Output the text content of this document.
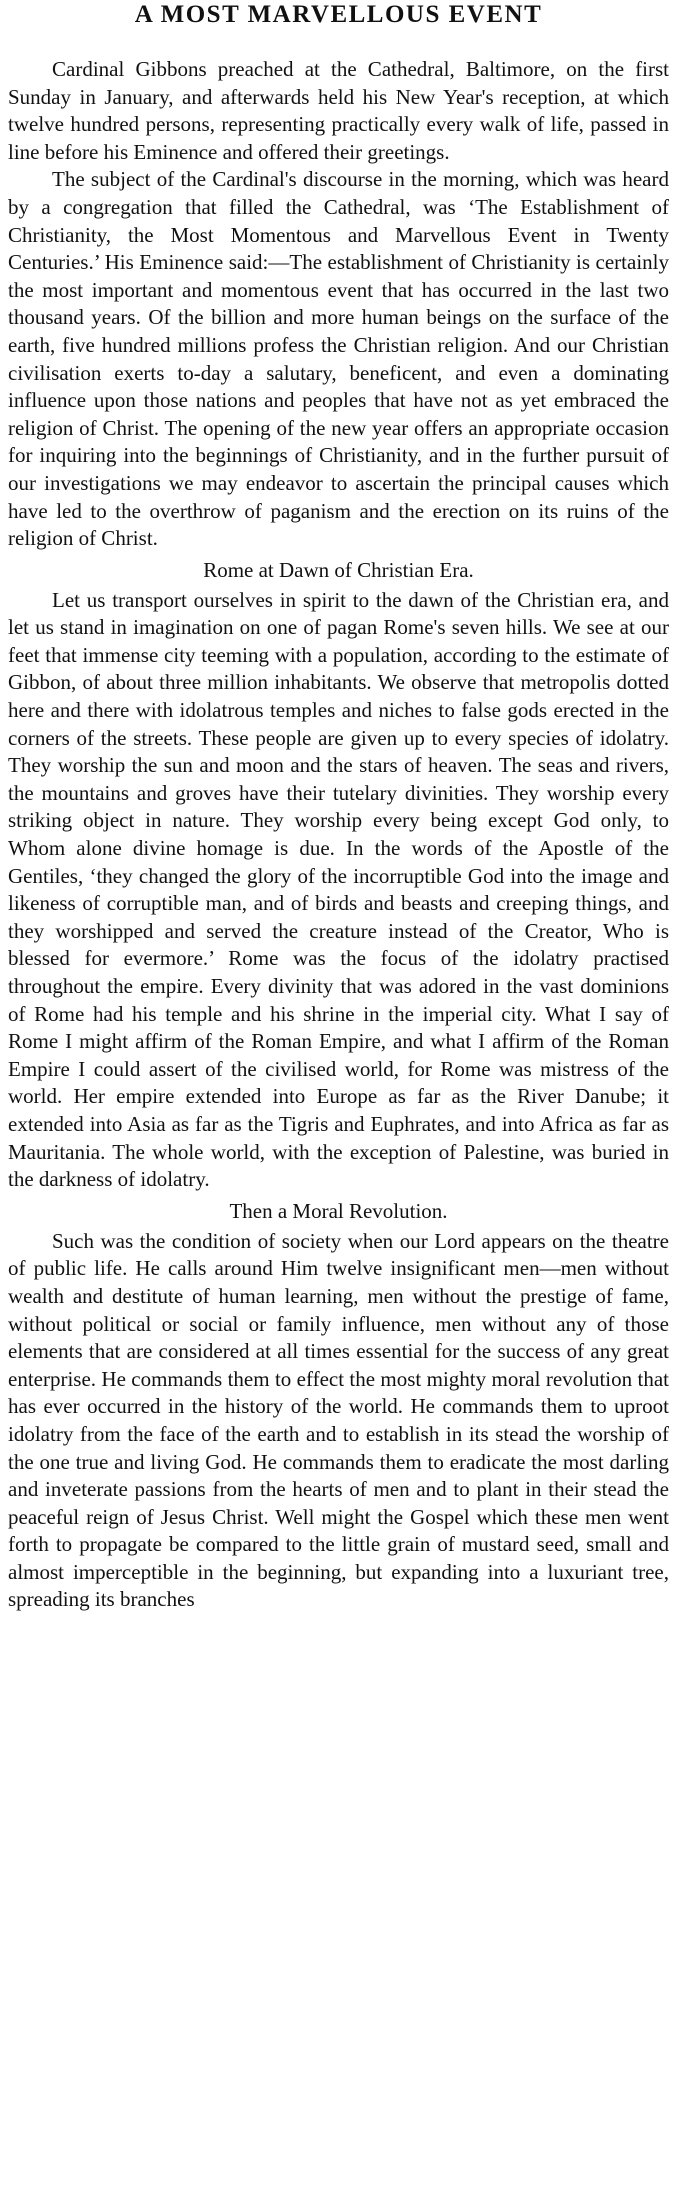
A MOST MARVELLOUS EVENT

Cardinal Gibbons preached at the Cathedral, Baltimore, on the first Sunday in January, and afterwards held his New Year's reception, at which twelve hundred persons, representing practically every walk of life, passed in line before his Eminence and offered their greetings.

The subject of the Cardinal's discourse in the morning, which was heard by a congregation that filled the Cathedral, was ‘The Establishment of Christianity, the Most Momentous and Marvellous Event in Twenty Centuries.’ His Eminence said:—The establishment of Christianity is certainly the most important and momentous event that has occurred in the last two thousand years. Of the billion and more human beings on the surface of the earth, five hundred millions profess the Christian religion. And our Christian civilisation exerts to-day a salutary, beneficent, and even a dominating influence upon those nations and peoples that have not as yet embraced the religion of Christ. The opening of the new year offers an appropriate occasion for inquiring into the beginnings of Christianity, and in the further pursuit of our investigations we may endeavor to ascertain the principal causes which have led to the overthrow of paganism and the erection on its ruins of the religion of Christ.

Rome at Dawn of Christian Era.

Let us transport ourselves in spirit to the dawn of the Christian era, and let us stand in imagination on one of pagan Rome's seven hills. We see at our feet that immense city teeming with a population, according to the estimate of Gibbon, of about three million inhabitants. We observe that metropolis dotted here and there with idolatrous temples and niches to false gods erected in the corners of the streets. These people are given up to every species of idolatry. They worship the sun and moon and the stars of heaven. The seas and rivers, the mountains and groves have their tutelary divinities. They worship every striking object in nature. They worship every being except God only, to Whom alone divine homage is due. In the words of the Apostle of the Gentiles, ‘they changed the glory of the incorruptible God into the image and likeness of corruptible man, and of birds and beasts and creeping things, and they worshipped and served the creature instead of the Creator, Who is blessed for evermore.’ Rome was the focus of the idolatry practised throughout the empire. Every divinity that was adored in the vast dominions of Rome had his temple and his shrine in the imperial city. What I say of Rome I might affirm of the Roman Empire, and what I affirm of the Roman Empire I could assert of the civilised world, for Rome was mistress of the world. Her empire extended into Europe as far as the River Danube; it extended into Asia as far as the Tigris and Euphrates, and into Africa as far as Mauritania. The whole world, with the exception of Palestine, was buried in the darkness of idolatry.

Then a Moral Revolution.

Such was the condition of society when our Lord appears on the theatre of public life. He calls around Him twelve insignificant men—men without wealth and destitute of human learning, men without the prestige of fame, without political or social or family influence, men without any of those elements that are considered at all times essential for the success of any great enterprise. He commands them to effect the most mighty moral revolution that has ever occurred in the history of the world. He commands them to uproot idolatry from the face of the earth and to establish in its stead the worship of the one true and living God. He commands them to eradicate the most darling and inveterate passions from the hearts of men and to plant in their stead the peaceful reign of Jesus Christ. Well might the Gospel which these men went forth to propagate be compared to the little grain of mustard seed, small and almost imperceptible in the beginning, but expanding into a luxuriant tree, spreading its branches
